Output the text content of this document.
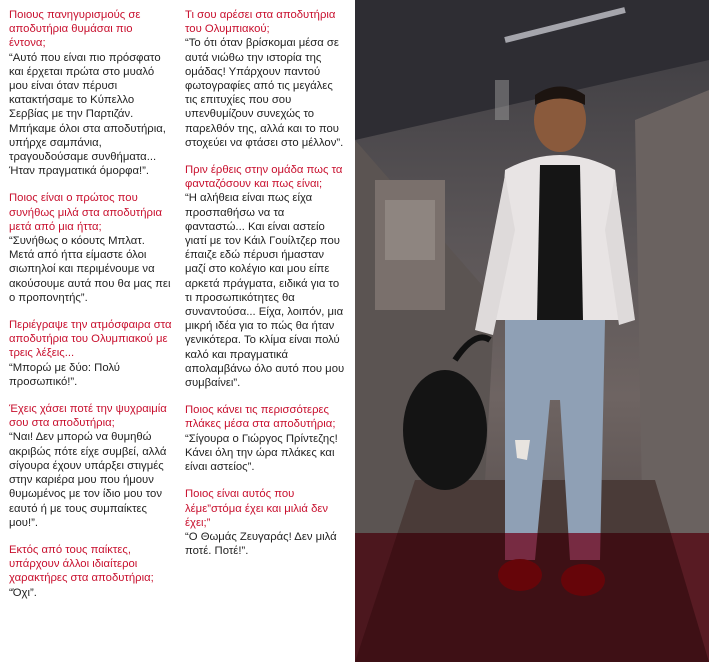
Ποιους πανηγυρισμούς σε αποδυτήρια θυμάσαι πιο έντονα;
“Αυτό που είναι πιο πρόσφατο και έρχεται πρώτα στο μυαλό μου είναι όταν πέρυσι κατακτήσαμε το Κύπελλο Σερβίας με την Παρτιζάν. Μπήκαμε όλοι στα αποδυτήρια, υπήρχε σαμπάνια, τραγουδούσαμε συνθήματα... Ήταν πραγματικά όμορφα!”.
Ποιος είναι ο πρώτος που συνήθως μιλά στα αποδυτήρια μετά από μια ήττα;
“Συνήθως ο κόουτς Μπλατ. Μετά από ήττα είμαστε όλοι σιωπηλοί και περιμένουμε να ακούσουμε αυτά που θα μας πει ο προπονητής”.
Περιέγραψε την ατμόσφαιρα στα αποδυτήρια του Ολυμπιακού με τρεις λέξεις...
“Μπορώ με δύο: Πολύ προσωπικό!”.
Έχεις χάσει ποτέ την ψυχραιμία σου στα αποδυτήρια;
“Ναι! Δεν μπορώ να θυμηθώ ακριβώς πότε είχε συμβεί, αλλά σίγουρα έχουν υπάρξει στιγμές στην καριέρα μου που ήμουν θυμωμένος με τον ίδιο μου τον εαυτό ή με τους συμπαίκτες μου!”.
Εκτός από τους παίκτες, υπάρχουν άλλοι ιδιαίτεροι χαρακτήρες στα αποδυτήρια;
“Όχι”.
Τι σου αρέσει στα αποδυτήρια του Ολυμπιακού;
“Το ότι όταν βρίσκομαι μέσα σε αυτά νιώθω την ιστορία της ομάδας! Υπάρχουν παντού φωτογραφίες από τις μεγάλες τις επιτυχίες που σου υπενθυμίζουν συνεχώς το παρελθόν της, αλλά και το που στοχεύει να φτάσει στο μέλλον”.
Πριν έρθεις στην ομάδα πως τα φανταζόσουν και πως είναι;
“Η αλήθεια είναι πως είχα προσπαθήσω να τα φανταστώ... Και είναι αστείο γιατί με τον Κάιλ Γουίλτζερ που έπαιζε εδώ πέρυσι ήμασταν μαζί στο κολέγιο και μου είπε αρκετά πράγματα, ειδικά για το τι προσωπικότητες θα συναντούσα... Είχα, λοιπόν, μια μικρή ιδέα για το πώς θα ήταν γενικότερα. Το κλίμα είναι πολύ καλό και πραγματικά απολαμβάνω όλο αυτό που μου συμβαίνει”.
Ποιος κάνει τις περισσότερες πλάκες μέσα στα αποδυτήρια;
“Σίγουρα ο Γιώργος Πρίντεζης! Κάνει όλη την ώρα πλάκες και είναι αστείος”.
Ποιος είναι αυτός που λέμε”στόμα έχει και μιλιά δεν έχει;”
“Ο Θωμάς Ζευγαράς! Δεν μιλά ποτέ. Ποτέ!”.
